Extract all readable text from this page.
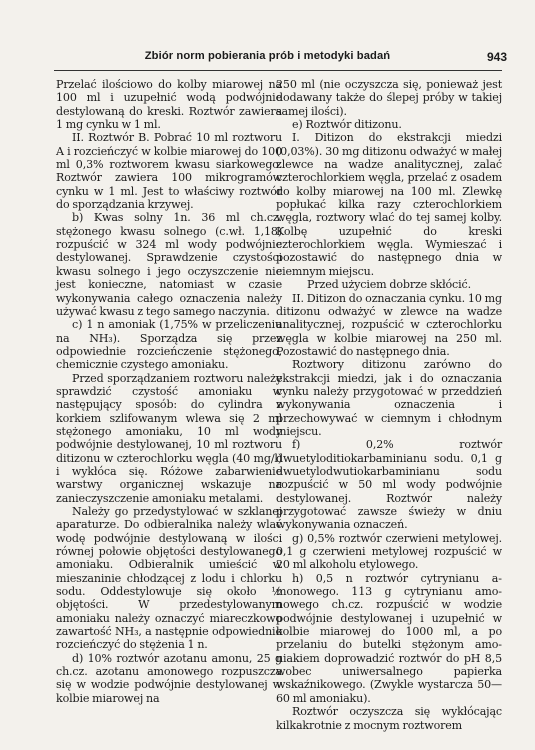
Zbiór norm pobierania prób i metodyki badań	943

Przelać ilościowo do kolby miarowej na 100 ml i uzupełnić wodą podwójnie destylowaną do kreski. Roztwór zawiera 1 mg cynku w 1 ml.

II. Roztwór B. Pobrać 10 ml roztworu A i rozcieńczyć w kolbie miarowej do 100 ml 0,3% roztworem kwasu siarkowego. Roztwór zawiera 100 mikrogramów cynku w 1 ml. Jest to właściwy roztwór do sporządzania krzywej.

b) Kwas solny 1n. 36 ml ch.cz. stężonego kwasu solnego (c.wł. 1,18) rozpuścić w 324 ml wody podwójnie destylowanej. Sprawdzenie czystości kwasu solnego i jego oczyszczenie nie jest konieczne, natomiast w czasie wykonywania całego oznaczenia należy używać kwasu z tego samego naczynia.

c) 1 n amoniak (1,75% w przeliczeniu na NH₃). Sporządza się przez odpowiednie rozcieńczenie stężonego, chemicznie czystego amoniaku.

Przed sporządzaniem roztworu należy sprawdzić czystość amoniaku w następujący sposób: do cylindra z korkiem szlifowanym wlewa się 2 ml stężonego amoniaku, 10 ml wody podwójnie destylowanej, 10 ml roztworu ditizonu w czterochlorku węgla (40 mg/l) i wykłóca się. Różowe zabarwienie warstwy organicznej wskazuje na zanieczyszczenie amoniaku metalami.

Należy go przedystylować w szklanej aparaturze. Do odbieralnika należy wlać wodę podwójnie destylowaną w ilości równej połowie objętości destylowanego amoniaku. Odbieralnik umieścić w mieszaninie chłodzącej z lodu i chlorku sodu. Oddestylowuje się około ½ objętości. W przedestylowanym amoniaku należy oznaczyć miareczkowo zawartość NH₃, a następnie odpowiednio rozcieńczyć do stężenia 1 n.

d) 10% roztwór azotanu amonu, 25 g ch.cz. azotanu amonowego rozpuszcza się w wodzie podwójnie destylowanej w kolbie miarowej na

250 ml (nie oczyszcza się, ponieważ jest dodawany także do ślepej próby w takiej samej ilości).

e) Roztwór ditizonu.

I. Ditizon do ekstrakcji miedzi (0,03%). 30 mg ditizonu odważyć w małej zlewce na wadze analitycznej, zalać czterochlorkiem węgla, przelać z osadem do kolby miarowej na 100 ml. Zlewkę popłukać kilka razy czterochlorkiem węgla, roztwory wlać do tej samej kolby. Kolbę uzupełnić do kreski czterochlorkiem węgla. Wymieszać i pozostawić do następnego dnia w ciemnym miejscu.

Przed użyciem dobrze skłócić.

II. Ditizon do oznaczania cynku. 10 mg ditizonu odważyć w zlewce na wadze analitycznej, rozpuścić w czterochlorku węgla w kolbie miarowej na 250 ml. Pozostawić do następnego dnia.

Roztwory ditizonu zarówno do ekstrakcji miedzi, jak i do oznaczania cynku należy przygotować w przeddzień wykonywania oznaczenia i przechowywać w ciemnym i chłodnym miejscu.

f) 0,2% roztwór dwuetyloditiokarbaminianu sodu. 0,1 g dwuetylodwutiokarbaminianu sodu rozpuścić w 50 ml wody podwójnie destylowanej. Roztwór należy przygotować zawsze świeży w dniu wykonywania oznaczeń.

g) 0,5% roztwór czerwieni metylowej. 0,1 g czerwieni metylowej rozpuścić w 20 ml alkoholu etylowego.

h) 0,5 n roztwór cytrynianu amonowego. 113 g cytrynianu amonowego ch.cz. rozpuścić w wodzie podwójnie destylowanej i uzupełnić w kolbie miarowej do 1000 ml, a po przelaniu do butelki stężonym amoniakiem doprowadzić roztwór do pH 8,5 wobec uniwersalnego papierka wskaźnikowego. (Zwykle wystarcza 50—60 ml amoniaku).

Roztwór oczyszcza się wykłócając kilkakrotnie z mocnym roztworem
